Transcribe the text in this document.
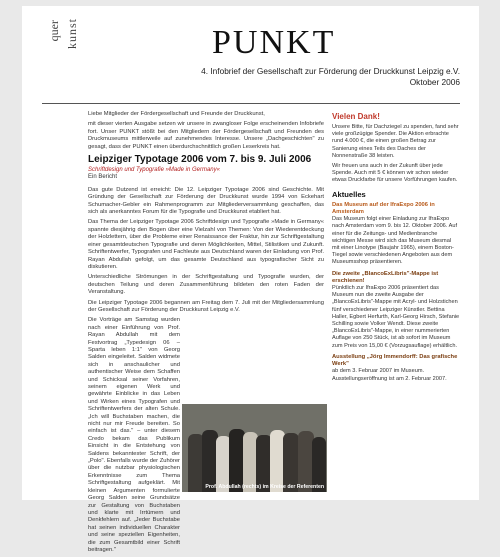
quer kunst	PUNKT
4. Infobrief der Gesellschaft zur Förderung der Druckkunst Leipzig e.V.
Oktober 2006

Liebe Mitglieder der Fördergesellschaft und Freunde der Druckkunst,

mit dieser vierten Ausgabe setzen wir unsere in zwangloser Folge erscheinenden Infobriefe fort. Unser PUNKT stößt bei den Mitgliedern der Fördergesellschaft und Freunden des Druckmuseums mittlerweile auf zunehmendes Interesse. Unsere „Dachgeschichten" zu gesagt, dass der PUNKT einen überdurchschnittlich großen Leserkreis hat.

Leipziger Typotage 2006 vom 7. bis 9. Juli 2006
Schriftdesign und Typografie »Made in Germany«
Ein Bericht

Das gute Dutzend ist erreicht: Die 12. Leipziger Typotage 2006 sind Geschichte. Mit Gründung der Gesellschaft zur Förderung der Druckkunst wurde 1994 von Eckehart Schumacher-Gebler ein Rahmenprogramm zur Mitgliederversammlung geschaffen, das sich als anerkanntes Forum für die Typografie und Druckkunst etabliert hat.

Das Thema der Leipziger Typotage 2006 Schriftdesign und Typografie »Made in Germany« spannte diesjährig den Bogen über eine Vielzahl von Themen: Von der Wiederentdeckung der Holzlettern, über die Probleme einer Renaissance der Fraktur, hin zur Schriftgestaltung einer gesamtdeutschen Typografie und deren Möglichkeiten, Mittel, Stilistiken und Zukunft. Schriftentwerfer, Typografen und Fachleute aus Deutschland waren der Einladung von Prof. Rayan Abdullah gefolgt, um das gesamte Deutschland aus typografischer Sicht zu diskutieren.

Unterschiedliche Strömungen in der Schriftgestaltung und Typografie wurden, der deutschen Teilung und deren Zusammenführung bildeten den roten Faden der Veranstaltung.

Die Leipziger Typotage 2006 begannen am Freitag dem 7. Juli mit der Mitgliedersammlung der Gesellschaft zur Förderung der Druckkunst Leipzig e.V.

Die Vorträge am Samstag wurden nach einer Einführung von Prof. Rayan Abdullah mit dem Festvortrag „Typedesign 06 – Sparta leben 1:1" von Georg Salden eingeleitet. Salden widmete sich in anschaulicher und authentischer Weise dem Schaffen und Schicksal seiner Vorfahren, seinem eigenen Werk und gewährte Einblicke in das Leben und Wirken eines Typografen und Schriftentwerfers der alten Schule. „Ich will Buchstaben machen, die nicht nur mir Freude bereiten. So einfach ist das." – unter diesem Credo bekam das Publikum Einsicht in die Entstehung von Saldens bekanntester Schrift, der „Polo". Ebenfalls wurde der Zuhörer über die nutzbar physiologischen Erkenntnisse zum Thema Schriftgestaltung aufgeklärt. Mit kleinen Argumenten formulierte Georg Salden seine Grundsätze zur Gestaltung von Buchstaben und klarte mit Irrtümern und Denkfehlern auf. „Jeder Buchstabe hat seinen individuellen Charakter und seine speziellen Eigenheiten, die zum Gesamtbild einer Schrift beitragen."

Prof. Abdullah (rechts) im Kreise der Referenten
Vielen Dank!

Unsere Bitte, für Dachziegel zu spenden, fand sehr viele großzügige Spender. Die Aktion erbrachte rund 4.000 €, die einen großen Betrag zur Sanierung eines Teils des Daches der Nonnenstraße 38 leisten.

Wir freuen uns auch in der Zukunft über jede Spende. Auch mit 5 € können wir schon wieder etwas Druckfarbe für unsere Vorführungen kaufen.

Aktuelles
Das Museum auf der IfraExpo 2006 in Amsterdam
Das Museum folgt einer Einladung zur IfraExpo nach Amsterdam vom 9. bis 12. Oktober 2006. Auf einer für die Zeitungs- und Medienbranche wichtigen Messe wird sich das Museum diesmal mit einer Linotype (Baujahr 1965), einem Boston-Tiegel sowie verschiedenen Angeboten aus dem Museumsshop präsentieren.
Die zweite „BlancoExLibris"-Mappe ist erschienen!
Pünktlich zur IfraExpo 2006 präsentiert das Museum nun die zweite Ausgabe der „BlancoExLibris"-Mappe mit Acryl- und Holzstichen fünf verschiedener Leipziger Künstler. Bettina Haller, Egbert Herfurth, Karl-Georg Hirsch, Stefanie Schilling sowie Volker Wendt. Diese zweite „BlancoExLibris"-Mappe, in einer nummerierten Auflage von 250 Stück, ist ab sofort im Museum zum Preis von 15,00 € (Vorzugsauflage) erhältlich.
Ausstellung „Jörg Immendorff: Das grafische Werk"
ab dem 3. Februar 2007 im Museum. Ausstellungseröffnung ist am 2. Februar 2007.
